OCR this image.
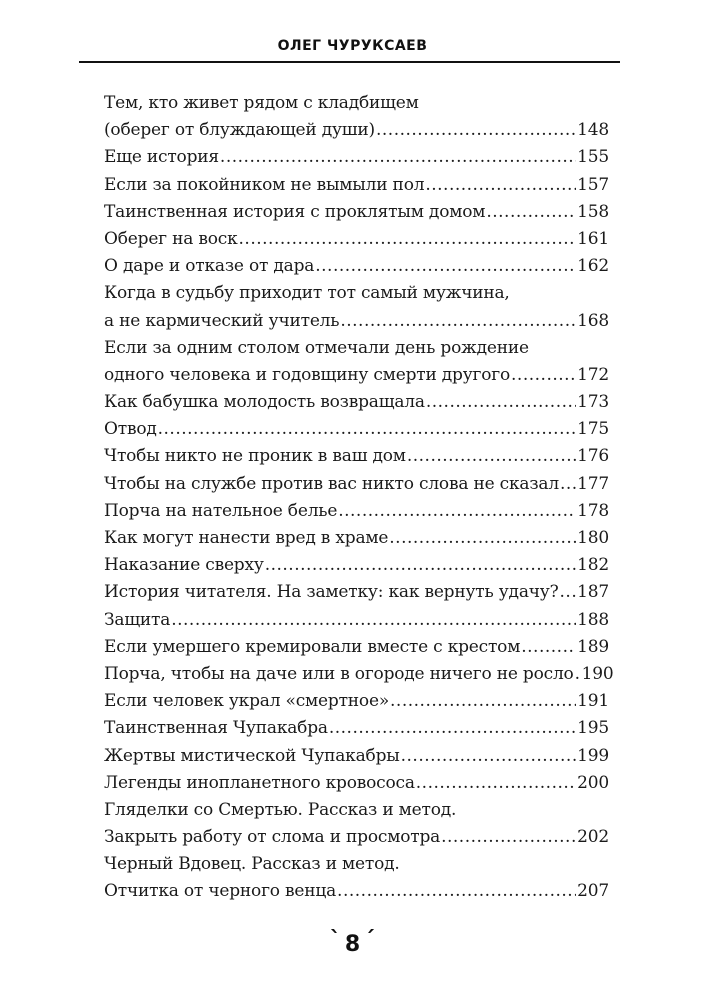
ОЛЕГ ЧУРУКСАЕВ
Тем, кто живет рядом с кладбищем
(оберег от блуждающей души) .....	148
Еще история .....	155
Если за покойником не вымыли пол .....	157
Таинственная история с проклятым домом .....	158
Оберег на воск .....	161
О даре и отказе от дара .....	162
Когда в судьбу приходит тот самый мужчина,
а не кармический учитель .....	168
Если за одним столом отмечали день рождение
одного человека и годовщину смерти другого .....	172
Как бабушка молодость возвращала .....	173
Отвод .....	175
Чтобы никто не проник в ваш дом .....	176
Чтобы на службе против вас никто слова не сказал ..... 177
Порча на нательное белье .....	178
Как могут нанести вред в храме .....	180
Наказание сверху .....	182
История читателя. На заметку: как вернуть удачу? ..... 187
Защита .....	188
Если умершего кремировали вместе с крестом .....	189
Порча, чтобы на даче или в огороде ничего не росло ..... 190
Если человек украл «смертное» .....	191
Таинственная Чупакабра .....	195
Жертвы мистической Чупакабры .....	199
Легенды инопланетного кровососа .....	200
Гляделки со Смертью. Рассказ и метод.
Закрыть работу от слома и просмотра .....	202
Черный Вдовец. Рассказ и метод.
Отчитка от черного венца .....	207
` 8 ´
